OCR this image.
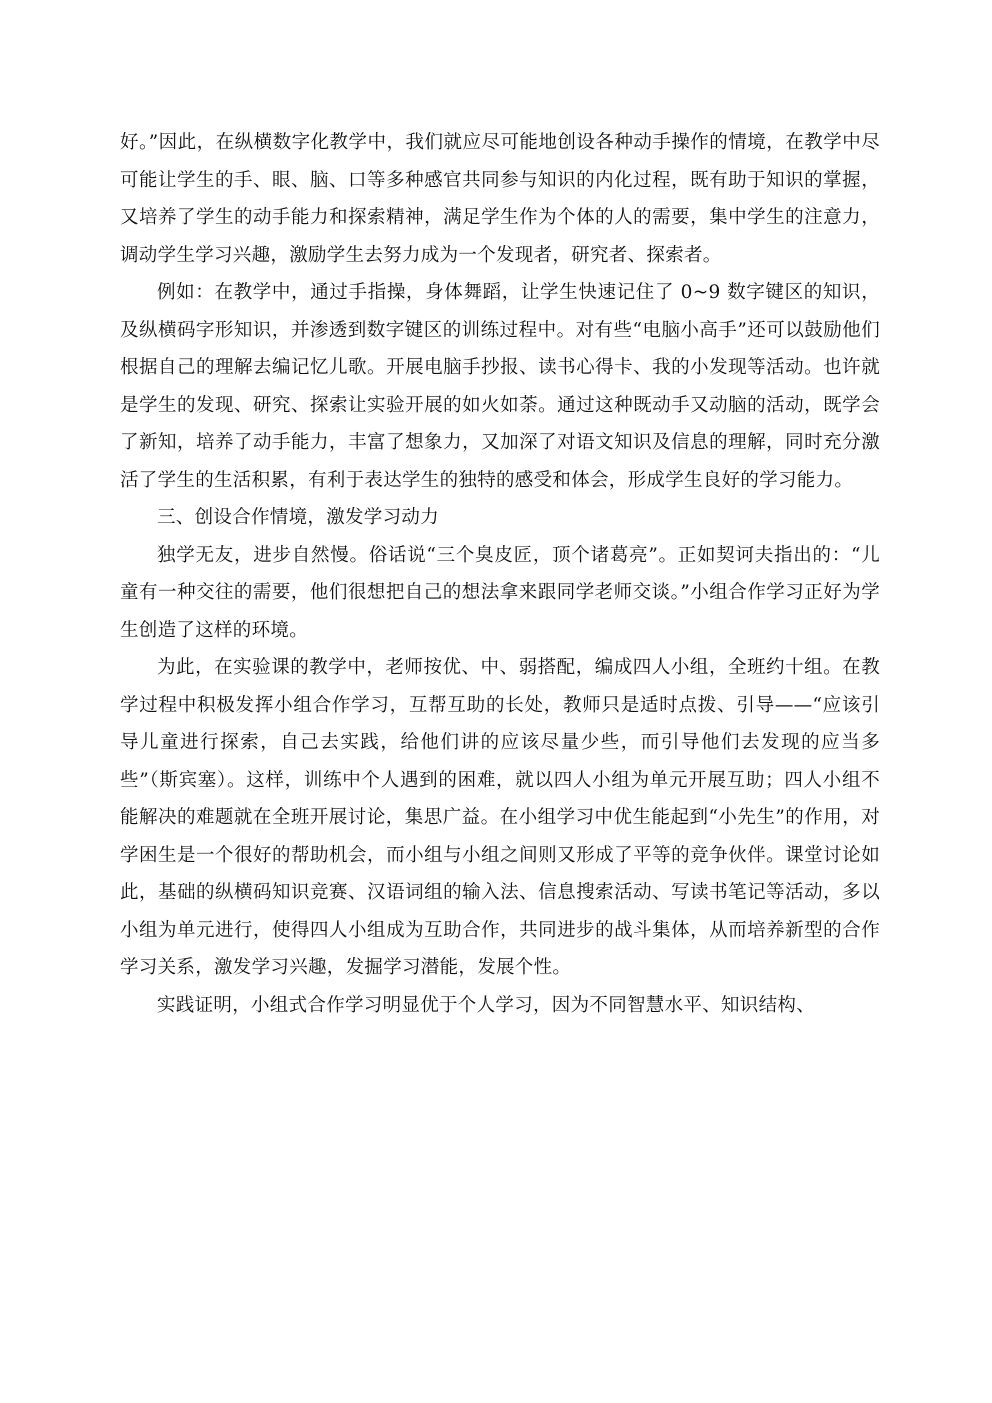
好。”因此，在纵横数字化教学中，我们就应尽可能地创设各种动手操作的情境，在教学中尽可能让学生的手、眼、脑、口等多种感官共同参与知识的内化过程，既有助于知识的掌握，又培养了学生的动手能力和探索精神，满足学生作为个体的人的需要，集中学生的注意力，调动学生学习兴趣，激励学生去努力成为一个发现者，研究者、探索者。

例如：在教学中，通过手指操，身体舞蹈，让学生快速记住了 0~9 数字键区的知识，及纵横码字形知识，并渗透到数字键区的训练过程中。对有些“电脑小高手”还可以鼓励他们根据自己的理解去编记忆儿歌。开展电脑手抄报、读书心得卡、我的小发现等活动。也许就是学生的发现、研究、探索让实验开展的如火如荼。通过这种既动手又动脑的活动，既学会了新知，培养了动手能力，丰富了想象力，又加深了对语文知识及信息的理解，同时充分激活了学生的生活积累，有利于表达学生的独特的感受和体会，形成学生良好的学习能力。

三、创设合作情境，激发学习动力

独学无友，进步自然慢。俗话说“三个臭皮匠，顶个诸葛亮”。正如契诃夫指出的：“儿童有一种交往的需要，他们很想把自己的想法拿来跟同学老师交谈。”小组合作学习正好为学生创造了这样的环境。

为此，在实验课的教学中，老师按优、中、弱搭配，编成四人小组，全班约十组。在教学过程中积极发挥小组合作学习，互帮互助的长处，教师只是适时点拨、引导——“应该引导儿童进行探索，自己去实践，给他们讲的应该尽量少些，而引导他们去发现的应当多些”（斯宾塞）。这样，训练中个人遇到的困难，就以四人小组为单元开展互助；四人小组不能解决的难题就在全班开展讨论，集思广益。在小组学习中优生能起到“小先生”的作用，对学困生是一个很好的帮助机会，而小组与小组之间则又形成了平等的竞争伙伴。课堂讨论如此，基础的纵横码知识竞赛、汉语词组的输入法、信息搜索活动、写读书笔记等活动，多以小组为单元进行，使得四人小组成为互助合作，共同进步的战斗集体，从而培养新型的合作学习关系，激发学习兴趣，发掘学习潜能，发展个性。

实践证明，小组式合作学习明显优于个人学习，因为不同智慧水平、知识结构、
